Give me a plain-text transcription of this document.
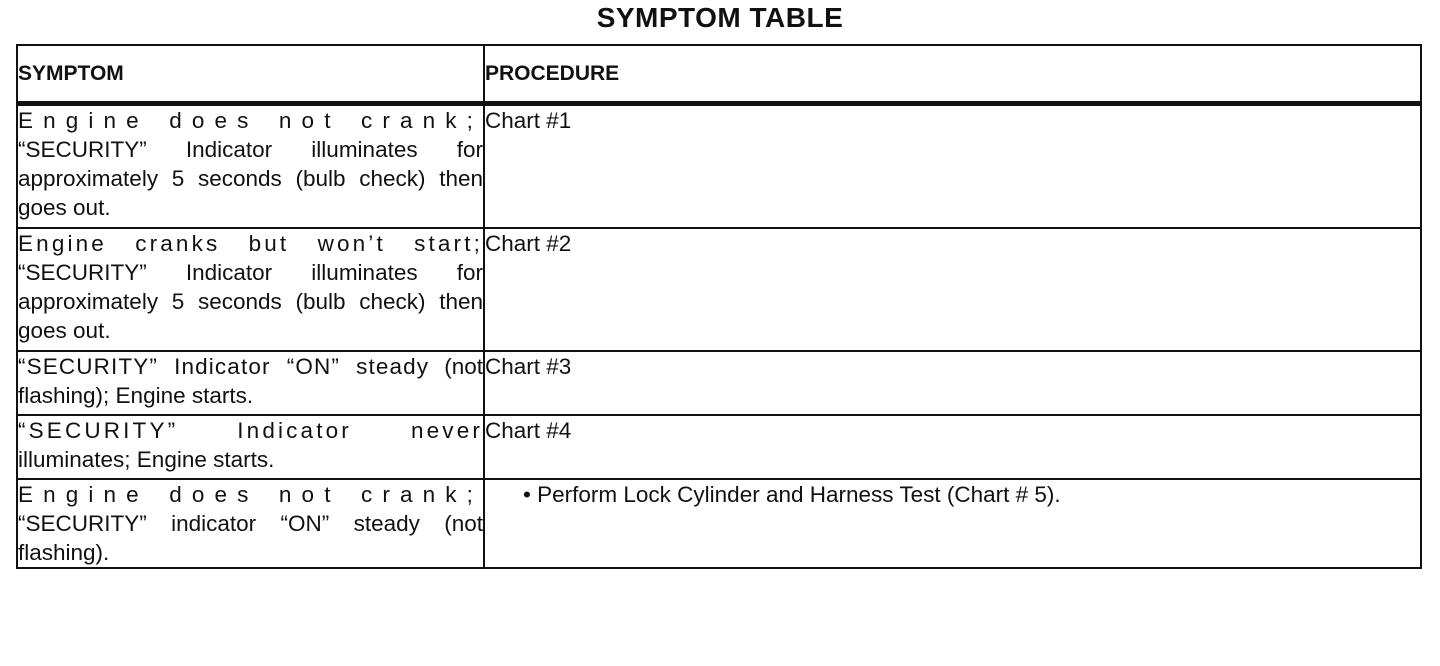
SYMPTOM TABLE
SYMPTOM	PROCEDURE
Engine does not crank; “SECURITY” Indicator illuminates for approximately 5 seconds (bulb check) then goes out.	Chart #1
Engine cranks but won’t start; “SECURITY” Indicator illuminates for approximately 5 seconds (bulb check) then goes out.	Chart #2
“SECURITY” Indicator “ON” steady (not flashing); Engine starts.	Chart #3
“SECURITY” Indicator never illuminates; Engine starts.	Chart #4
Engine does not crank; “SECURITY” indicator “ON” steady (not flashing).	• Perform Lock Cylinder and Harness Test (Chart # 5).
